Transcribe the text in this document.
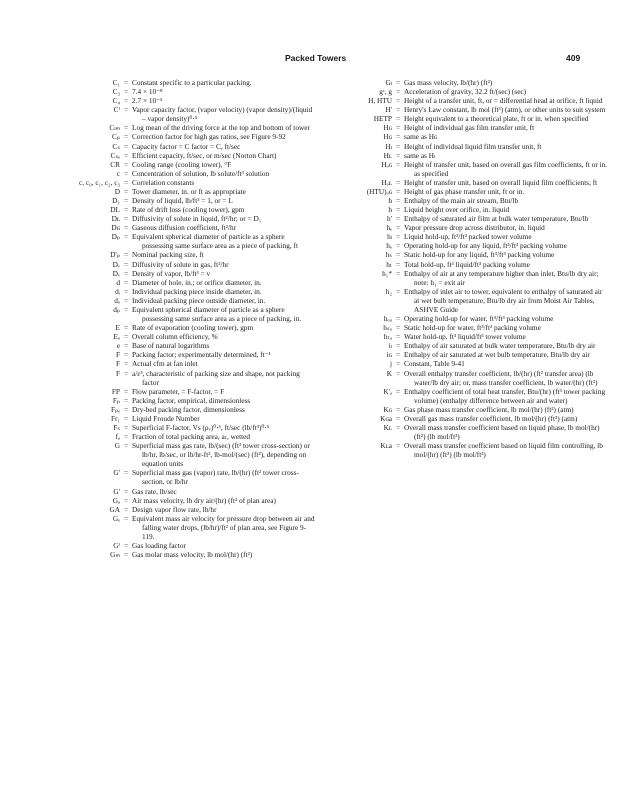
Packed Towers	409
C₁ = Constant specific to a particular packing.
C₃ = 7.4 × 10⁻⁸
C₄ = 2.7 × 10⁻⁵
Cᶠ = Vapor capacity factor, (vapor velocity) (vapor density)/(liquid – vapor density)⁰⋅⁵
Cₗₘ = Log mean of the driving force at the top and bottom of tower
Cₚ = Correction factor for high gas ratios, see Figure 9-92
Cₛ = Capacity factor = C factor = C, ft/sec
Cₛₑ = Efficient capacity, ft/sec, or m/sec (Norton Chart)
CR = Cooling range (cooling tower), °F
c = Concentration of solution, lb solute/ft³ solution
c, c₀, c₁, c₂, c₃ = Correlation constants
D = Tower diameter, in. or ft as appropriate
D₁ = Density of liquid, lb/ft³ = 1, or = L
DL = Rate of drift loss (cooling tower), gpm
Dʟ = Diffusivity of solute in liquid, ft²/hr; or = D₁
Dɢ = Gaseous diffusion coefficient, ft²/hr
Dₚ = Equivalent spherical diameter of particle as a sphere possessing same surface area as a piece of packing, ft
D'ₚ = Nominal packing size, ft
Dᵥ = Diffusivity of solute in gas, ft²/hr
Dᵥ = Density of vapor, lb/ft³ = v
d = Diameter of hole, in.; or orifice diameter, in.
dᵢ = Individual packing piece inside diameter, in.
dₒ = Individual packing piece outside diameter, in.
dₚ = Equivalent spherical diameter of particle as a sphere possessing same surface area as a piece of packing, in.
E = Rate of evaporation (cooling tower), gpm
Eₒ = Overall column efficiency, %
e = Base of natural logarithms
F = Packing factor; experimentally determined, ft⁻¹
F = Actual cfm at fan inlet
F = a/ε³, characteristic of packing size and shape, not packing factor
FP = Flow parameter, = F-factor, = F
Fₚ = Packing factor, empirical, dimensionless
Fₚₑ = Dry-bed packing factor, dimensionless
Fr₁ = Liquid Froude Number
Fₛ = Superficial F-factor, Vs (ρᵥ)⁰⋅⁵, ft/sec (lb/ft³)⁰⋅⁵
fₐ = Fraction of total packing area, aₜ, wetted
G = Superficial mass gas rate, lb/(sec) (ft² tower cross-section) or lb/hr, lb/sec, or lb/hr-ft², lb-mol/(sec) (ft²), depending on equation units
G' = Superficial mass gas (vapor) rate, lb/(hr) (ft² tower cross-section, or lb/hr
G' = Gas rate, lb/sec
Gₐ = Air mass velocity, lb dry air/(hr) (ft² of plan area)
GA = Design vapor flow rate, lb/hr
Gₑ = Equivalent mass air velocity for pressure drop between air and falling water drops, (lb/hr)/ft² of plan area, see Figure 9-119.
Gᶠ = Gas loading factor
Gₘ = Gas molar mass velocity, lb mol/(hr) (ft²)
Gₗ = Gas mass velocity, lb/(hr) (ft²)
gᶜ, g = Acceleration of gravity, 32.2 ft/(sec) (sec)
H, HTU = Height of a transfer unit, ft, or = differential head at orifice, ft liquid
H' = Henry's Law constant, lb mol (ft³) (atm), or other units to suit system
HETP = Height equivalent to a theoretical plate, ft or in. when specified
Hɢ = Height of individual gas film transfer unit, ft
Hɢ = same as Hɢ
Hₗ = Height of individual liquid film transfer unit, ft
Hʟ = same as Hₗ
Hₒɢ = Height of transfer unit, based on overall gas film coefficients, ft or in. as specified
Hₒʟ = Height of transfer unit, based on overall liquid film coefficients, ft
(HTU)ₒɢ = Height of gas phase transfer unit, ft or in.
h = Enthalpy of the main air stream, Btu/lb
h = Liquid height over orifice, in. liquid
h' = Enthalpy of saturated air film at bulk water temperature, Btu/lb
hₑ = Vapor pressure drop across distributor, in. liquid
hₗ = Liquid hold-up, ft³/ft³ packed tower volume
hₒ = Operating hold-up for any liquid, ft³/ft³ packing volume
hₛ = Static hold-up for any liquid, ft³/ft³ packing volume
hₜ = Total hold-up, ft³ liquid/ft³ packing volume
h₁* = Enthalpy of air at any temperature higher than inlet, Btu/lb dry air; note: h₁ = exit air
h₂ = Enthalpy of inlet air to tower, equivalent to enthalpy of saturated air at wet bulb temperature, Btu/lb dry air from Moist Air Tables, ASHVE Guide
hₒᵤ = Operating hold-up for water, ft³/ft³ packing volume
hₛᵤ = Static hold-up for water, ft³/ft³ packing volume
hₜᵤ = Water hold-up, ft³ liquid/ft³ tower volume
iₗ = Enthalpy of air saturated at bulk water temperature, Btu/lb dry air
iɢ = Enthalpy of air saturated at wet bulb temperature, Btu/lb dry air
j = Constant, Table 9-41
K = Overall enthalpy transfer coefficient, lb/(hr) (ft² transfer area) (lb water/lb dry air; or, mass transfer coefficient, lb water/(hr) (ft²)
K'ₐ = Enthalpy coefficient of total heat transfer, Btu/(hr) (ft³ tower packing volume) (enthalpy difference between air and water)
Kɢ = Gas phase mass transfer coefficient, lb mol/(hr) (ft²) (atm)
Kɢa = Overall gas mass transfer coefficient, lb mol/(hr) (ft³) (atm)
Kʟ = Overall mass transfer coefficient based on liquid phase, lb mol/(hr) (ft²) (lb mol/ft³)
Kʟa = Overall mass transfer coefficient based on liquid film controlling, lb mol/(hr) (ft³) (lb mol/ft³)
